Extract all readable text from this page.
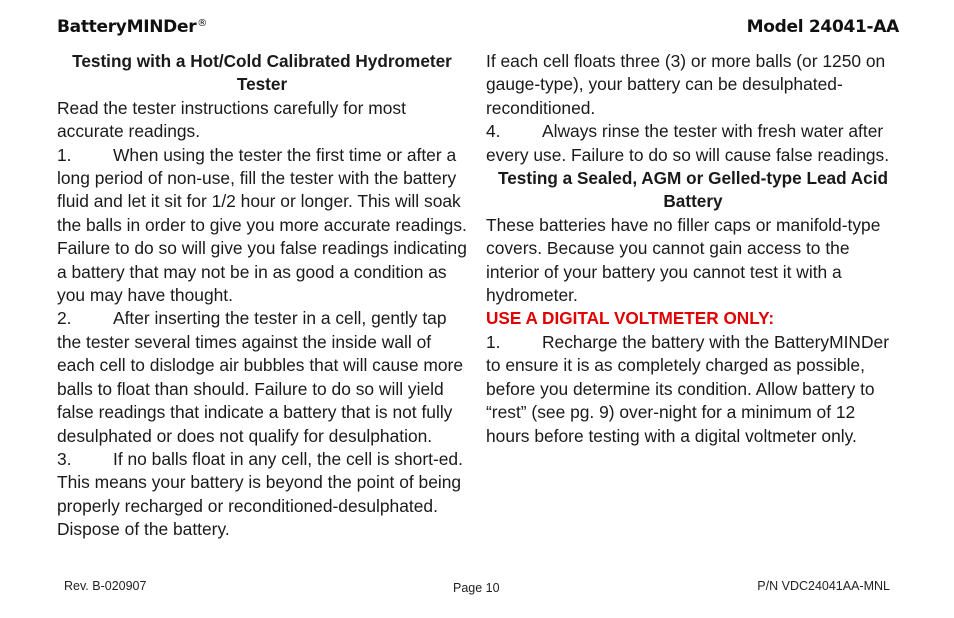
BatteryMINDer®	Model 24041-AA

Testing with a Hot/Cold Calibrated Hydrometer Tester

Read the tester instructions carefully for most accurate readings.

1. When using the tester the first time or after a long period of non-use, fill the tester with the battery fluid and let it sit for 1/2 hour or longer. This will soak the balls in order to give you more accurate readings. Failure to do so will give you false readings indicating a battery that may not be in as good a condition as you may have thought.

2. After inserting the tester in a cell, gently tap the tester several times against the inside wall of each cell to dislodge air bubbles that will cause more balls to float than should. Failure to do so will yield false readings that indicate a battery that is not fully desulphated or does not qualify for desulphation.

3. If no balls float in any cell, the cell is short-ed. This means your battery is beyond the point of being properly recharged or reconditioned-desulphated. Dispose of the battery.

If each cell floats three (3) or more balls (or 1250 on gauge-type), your battery can be desulphated-reconditioned.

4. Always rinse the tester with fresh water after every use. Failure to do so will cause false readings.

Testing a Sealed, AGM or Gelled-type Lead Acid Battery

These batteries have no filler caps or manifold-type covers. Because you cannot gain access to the interior of your battery you cannot test it with a hydrometer.

USE A DIGITAL VOLTMETER ONLY:

1. Recharge the battery with the BatteryMINDer to ensure it is as completely charged as possible, before you determine its condition. Allow battery to “rest” (see pg. 9) over-night for a minimum of 12 hours before testing with a digital voltmeter only.

Rev. B-020907	Page 10	P/N VDC24041AA-MNL
